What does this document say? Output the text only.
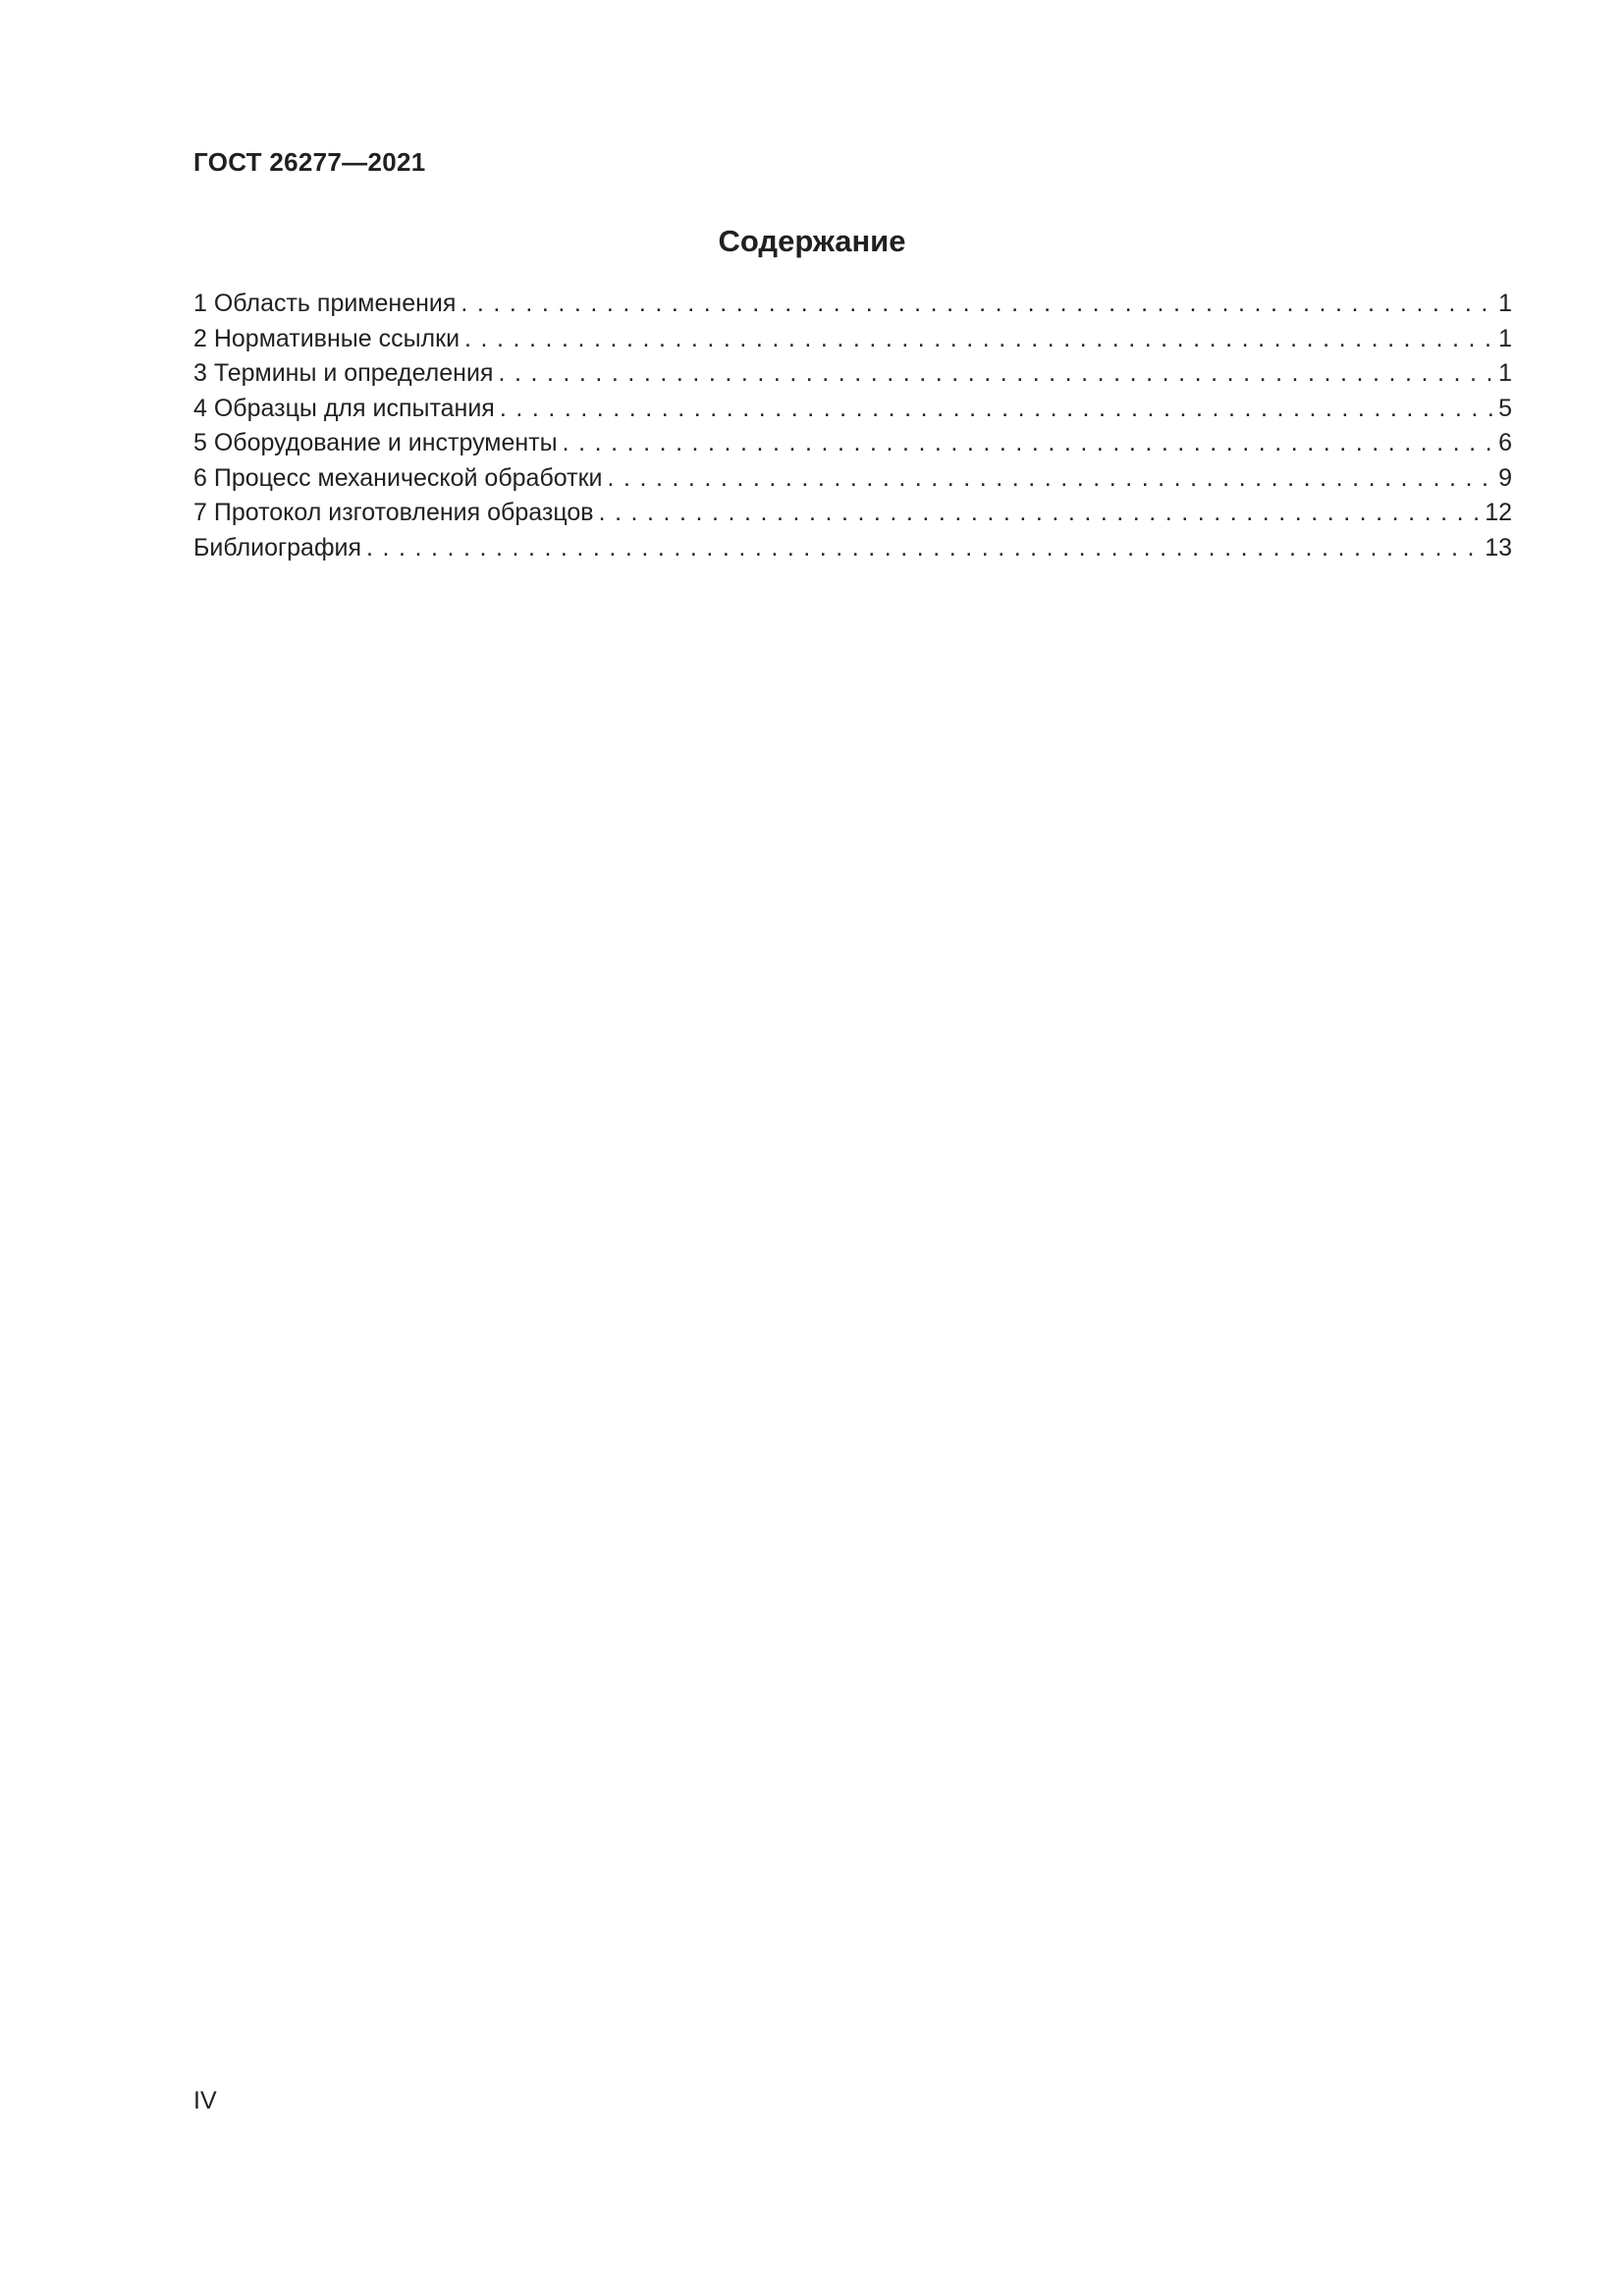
ГОСТ 26277—2021

Содержание
1 Область применения . . .	1
2 Нормативные ссылки . . .	1
3 Термины и определения . . .	1
4 Образцы для испытания . . .	5
5 Оборудование и инструменты . . .	6
6 Процесс механической обработки . . .	9
7 Протокол изготовления образцов . . .	12
Библиография . . .	13

IV
